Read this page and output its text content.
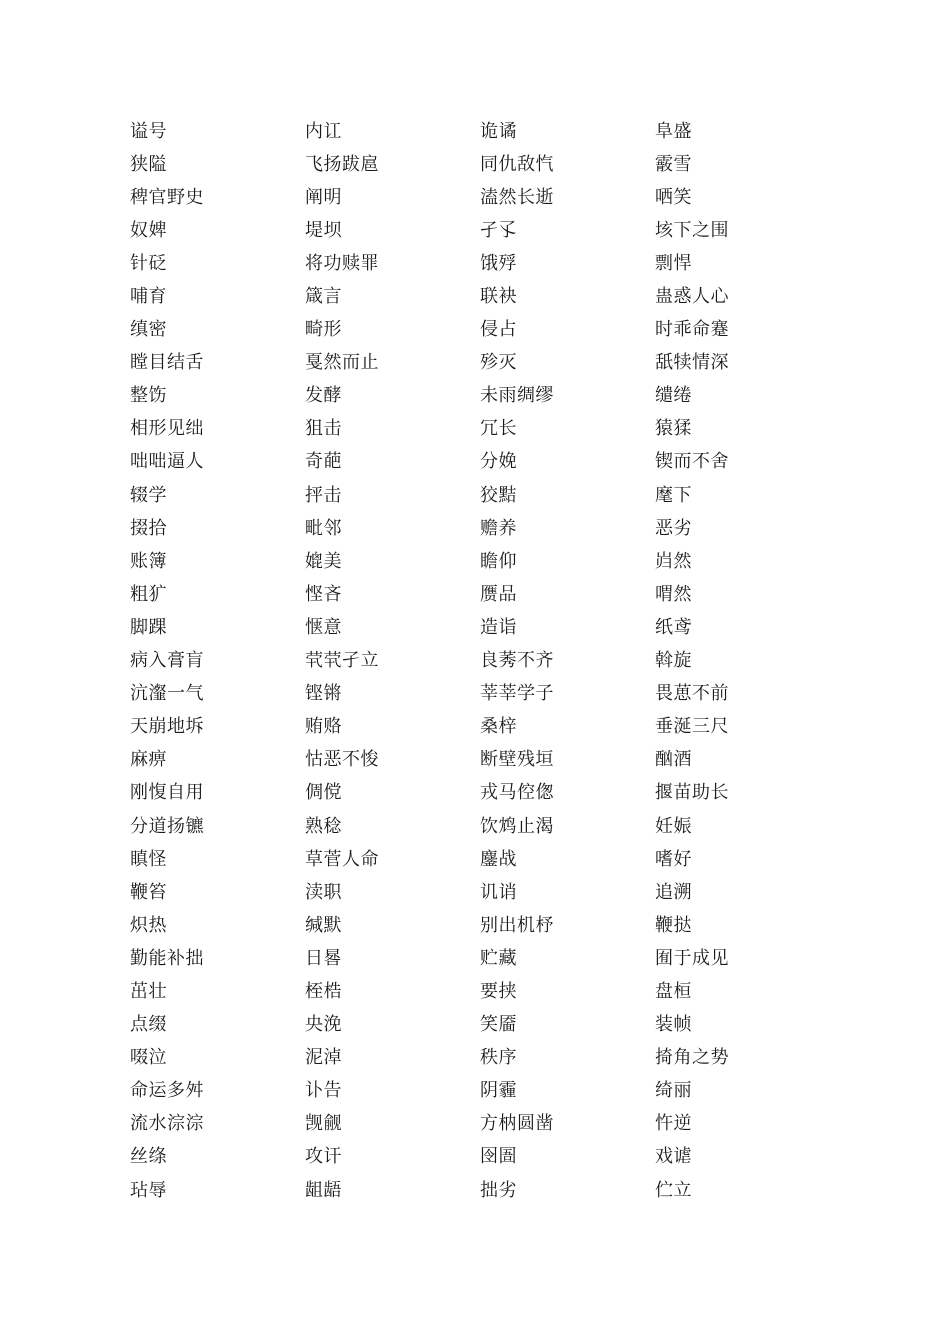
谥号	内讧	诡谲	阜盛
狭隘	飞扬跋扈	同仇敌忾	霰雪
稗官野史	阐明	溘然长逝	哂笑
奴婢	堤坝	孑孓	垓下之围
针砭	将功赎罪	饿殍	剽悍
哺育	箴言	联袂	蛊惑人心
缜密	畸形	侵占	时乖命蹇
瞠目结舌	戛然而止	殄灭	舐犊情深
整饬	发酵	未雨绸缪	缱绻
相形见绌	狙击	冗长	猿猱
咄咄逼人	奇葩	分娩	锲而不舍
辍学	抨击	狡黠	麾下
掇拾	毗邻	赡养	恶劣
账簿	媲美	瞻仰	岿然
粗犷	悭吝	赝品	喟然
脚踝	惬意	造诣	纸鸢
病入膏肓	茕茕孑立	良莠不齐	斡旋
沆瀣一气	铿锵	莘莘学子	畏葸不前
天崩地坼	贿赂	桑梓	垂涎三尺
麻痹	怙恶不悛	断壁残垣	酗酒
刚愎自用	倜傥	戎马倥偬	揠苗助长
分道扬镳	熟稔	饮鸩止渴	妊娠
瞋怪	草菅人命	鏖战	嗜好
鞭笞	渎职	讥诮	追溯
炽热	缄默	别出机杼	鞭挞
勤能补拙	日晷	贮藏	囿于成见
茁壮	桎梏	要挟	盘桓
点缀	央浼	笑靥	装帧
啜泣	泥淖	秩序	掎角之势
命运多舛	讣告	阴霾	绮丽
流水淙淙	觊觎	方枘圆凿	忤逆
丝绦	攻讦	囹圄	戏谑
玷辱	龃龉	拙劣	伫立
